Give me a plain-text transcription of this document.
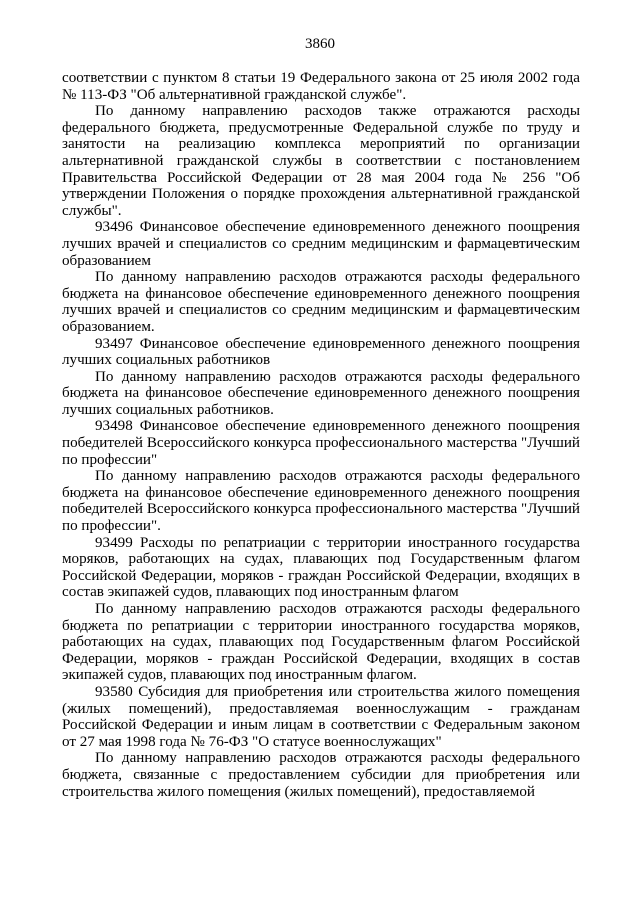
3860

соответствии с пунктом 8 статьи 19 Федерального закона от 25 июля 2002 года № 113-ФЗ "Об альтернативной гражданской службе".

По данному направлению расходов также отражаются расходы федерального бюджета, предусмотренные Федеральной службе по труду и занятости на реализацию комплекса мероприятий по организации альтернативной гражданской службы в соответствии с постановлением Правительства Российской Федерации от 28 мая 2004 года № 256 "Об утверждении Положения о порядке прохождения альтернативной гражданской службы".

93496 Финансовое обеспечение единовременного денежного поощрения лучших врачей и специалистов со средним медицинским и фармацевтическим образованием

По данному направлению расходов отражаются расходы федерального бюджета на финансовое обеспечение единовременного денежного поощрения лучших врачей и специалистов со средним медицинским и фармацевтическим образованием.

93497 Финансовое обеспечение единовременного денежного поощрения лучших социальных работников

По данному направлению расходов отражаются расходы федерального бюджета на финансовое обеспечение единовременного денежного поощрения лучших социальных работников.

93498 Финансовое обеспечение единовременного денежного поощрения победителей Всероссийского конкурса профессионального мастерства "Лучший по профессии"

По данному направлению расходов отражаются расходы федерального бюджета на финансовое обеспечение единовременного денежного поощрения победителей Всероссийского конкурса профессионального мастерства "Лучший по профессии".

93499 Расходы по репатриации с территории иностранного государства моряков, работающих на судах, плавающих под Государственным флагом Российской Федерации, моряков - граждан Российской Федерации, входящих в состав экипажей судов, плавающих под иностранным флагом

По данному направлению расходов отражаются расходы федерального бюджета по репатриации с территории иностранного государства моряков, работающих на судах, плавающих под Государственным флагом Российской Федерации, моряков - граждан Российской Федерации, входящих в состав экипажей судов, плавающих под иностранным флагом.

93580 Субсидия для приобретения или строительства жилого помещения (жилых помещений), предоставляемая военнослужащим - гражданам Российской Федерации и иным лицам в соответствии с Федеральным законом от 27 мая 1998 года № 76-ФЗ "О статусе военнослужащих"

По данному направлению расходов отражаются расходы федерального бюджета, связанные с предоставлением субсидии для приобретения или строительства жилого помещения (жилых помещений), предоставляемой
